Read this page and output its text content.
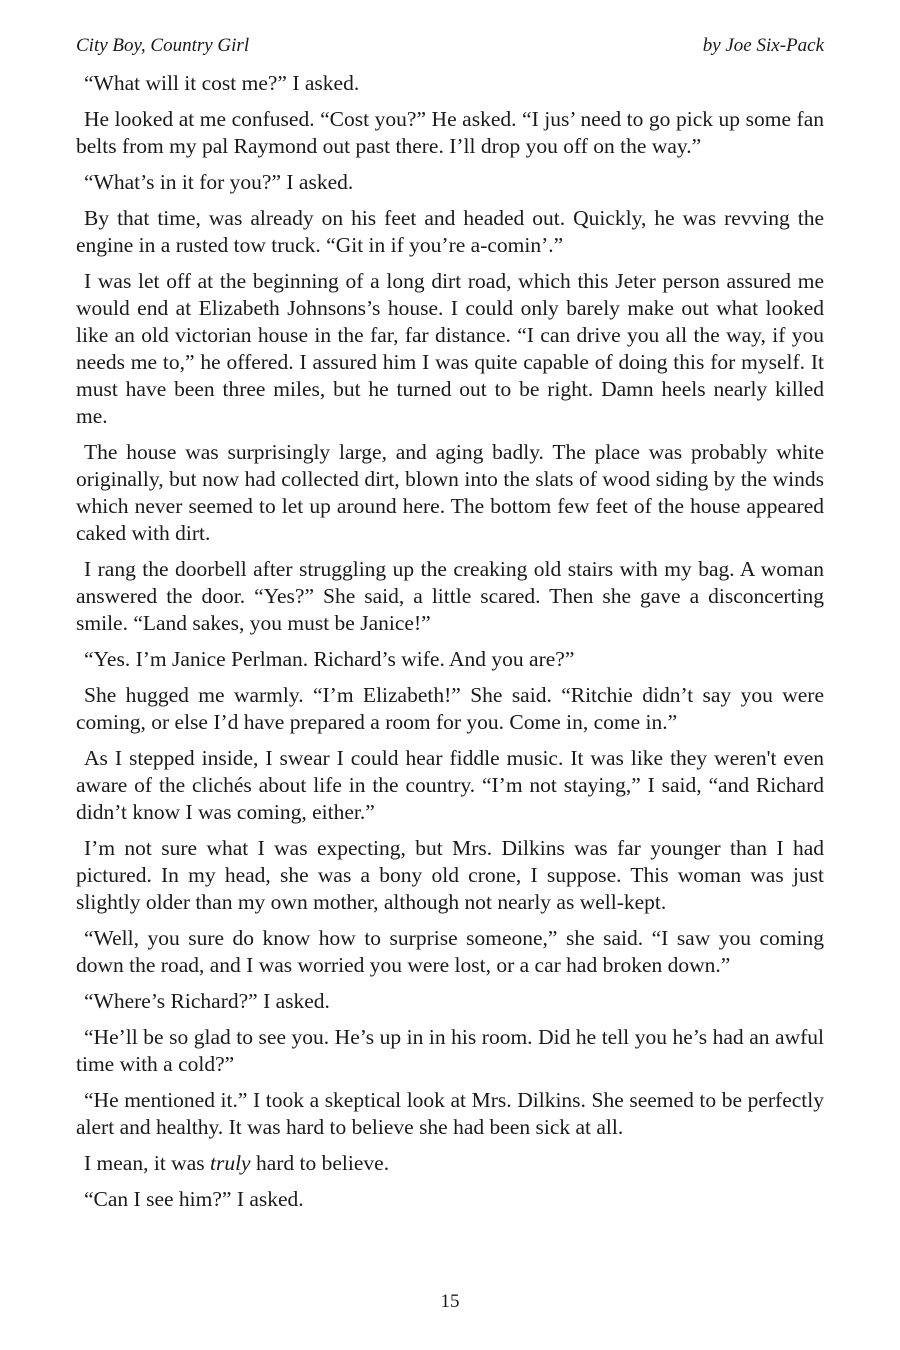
City Boy, Country Girl	by Joe Six-Pack

“What will it cost me?” I asked.

He looked at me confused. “Cost you?” He asked. “I jus’ need to go pick up some fan belts from my pal Raymond out past there. I’ll drop you off on the way.”

“What’s in it for you?” I asked.

By that time, was already on his feet and headed out. Quickly, he was revving the engine in a rusted tow truck. “Git in if you’re a-comin’.”

I was let off at the beginning of a long dirt road, which this Jeter person assured me would end at Elizabeth Johnsons’s house. I could only barely make out what looked like an old victorian house in the far, far distance. “I can drive you all the way, if you needs me to,” he offered. I assured him I was quite capable of doing this for myself. It must have been three miles, but he turned out to be right. Damn heels nearly killed me.

The house was surprisingly large, and aging badly. The place was probably white originally, but now had collected dirt, blown into the slats of wood siding by the winds which never seemed to let up around here. The bottom few feet of the house appeared caked with dirt.

I rang the doorbell after struggling up the creaking old stairs with my bag. A woman answered the door. “Yes?” She said, a little scared. Then she gave a disconcerting smile. “Land sakes, you must be Janice!”

“Yes. I’m Janice Perlman. Richard’s wife. And you are?”

She hugged me warmly. “I’m Elizabeth!” She said. “Ritchie didn’t say you were coming, or else I’d have prepared a room for you. Come in, come in.”

As I stepped inside, I swear I could hear fiddle music. It was like they weren't even aware of the clichés about life in the country. “I’m not staying,” I said, “and Richard didn’t know I was coming, either.”

I’m not sure what I was expecting, but Mrs. Dilkins was far younger than I had pictured. In my head, she was a bony old crone, I suppose. This woman was just slightly older than my own mother, although not nearly as well-kept.

“Well, you sure do know how to surprise someone,” she said. “I saw you coming down the road, and I was worried you were lost, or a car had broken down.”

“Where’s Richard?” I asked.

“He’ll be so glad to see you. He’s up in in his room. Did he tell you he’s had an awful time with a cold?”

“He mentioned it.” I took a skeptical look at Mrs. Dilkins. She seemed to be perfectly alert and healthy. It was hard to believe she had been sick at all.

I mean, it was truly hard to believe.

“Can I see him?” I asked.

15
